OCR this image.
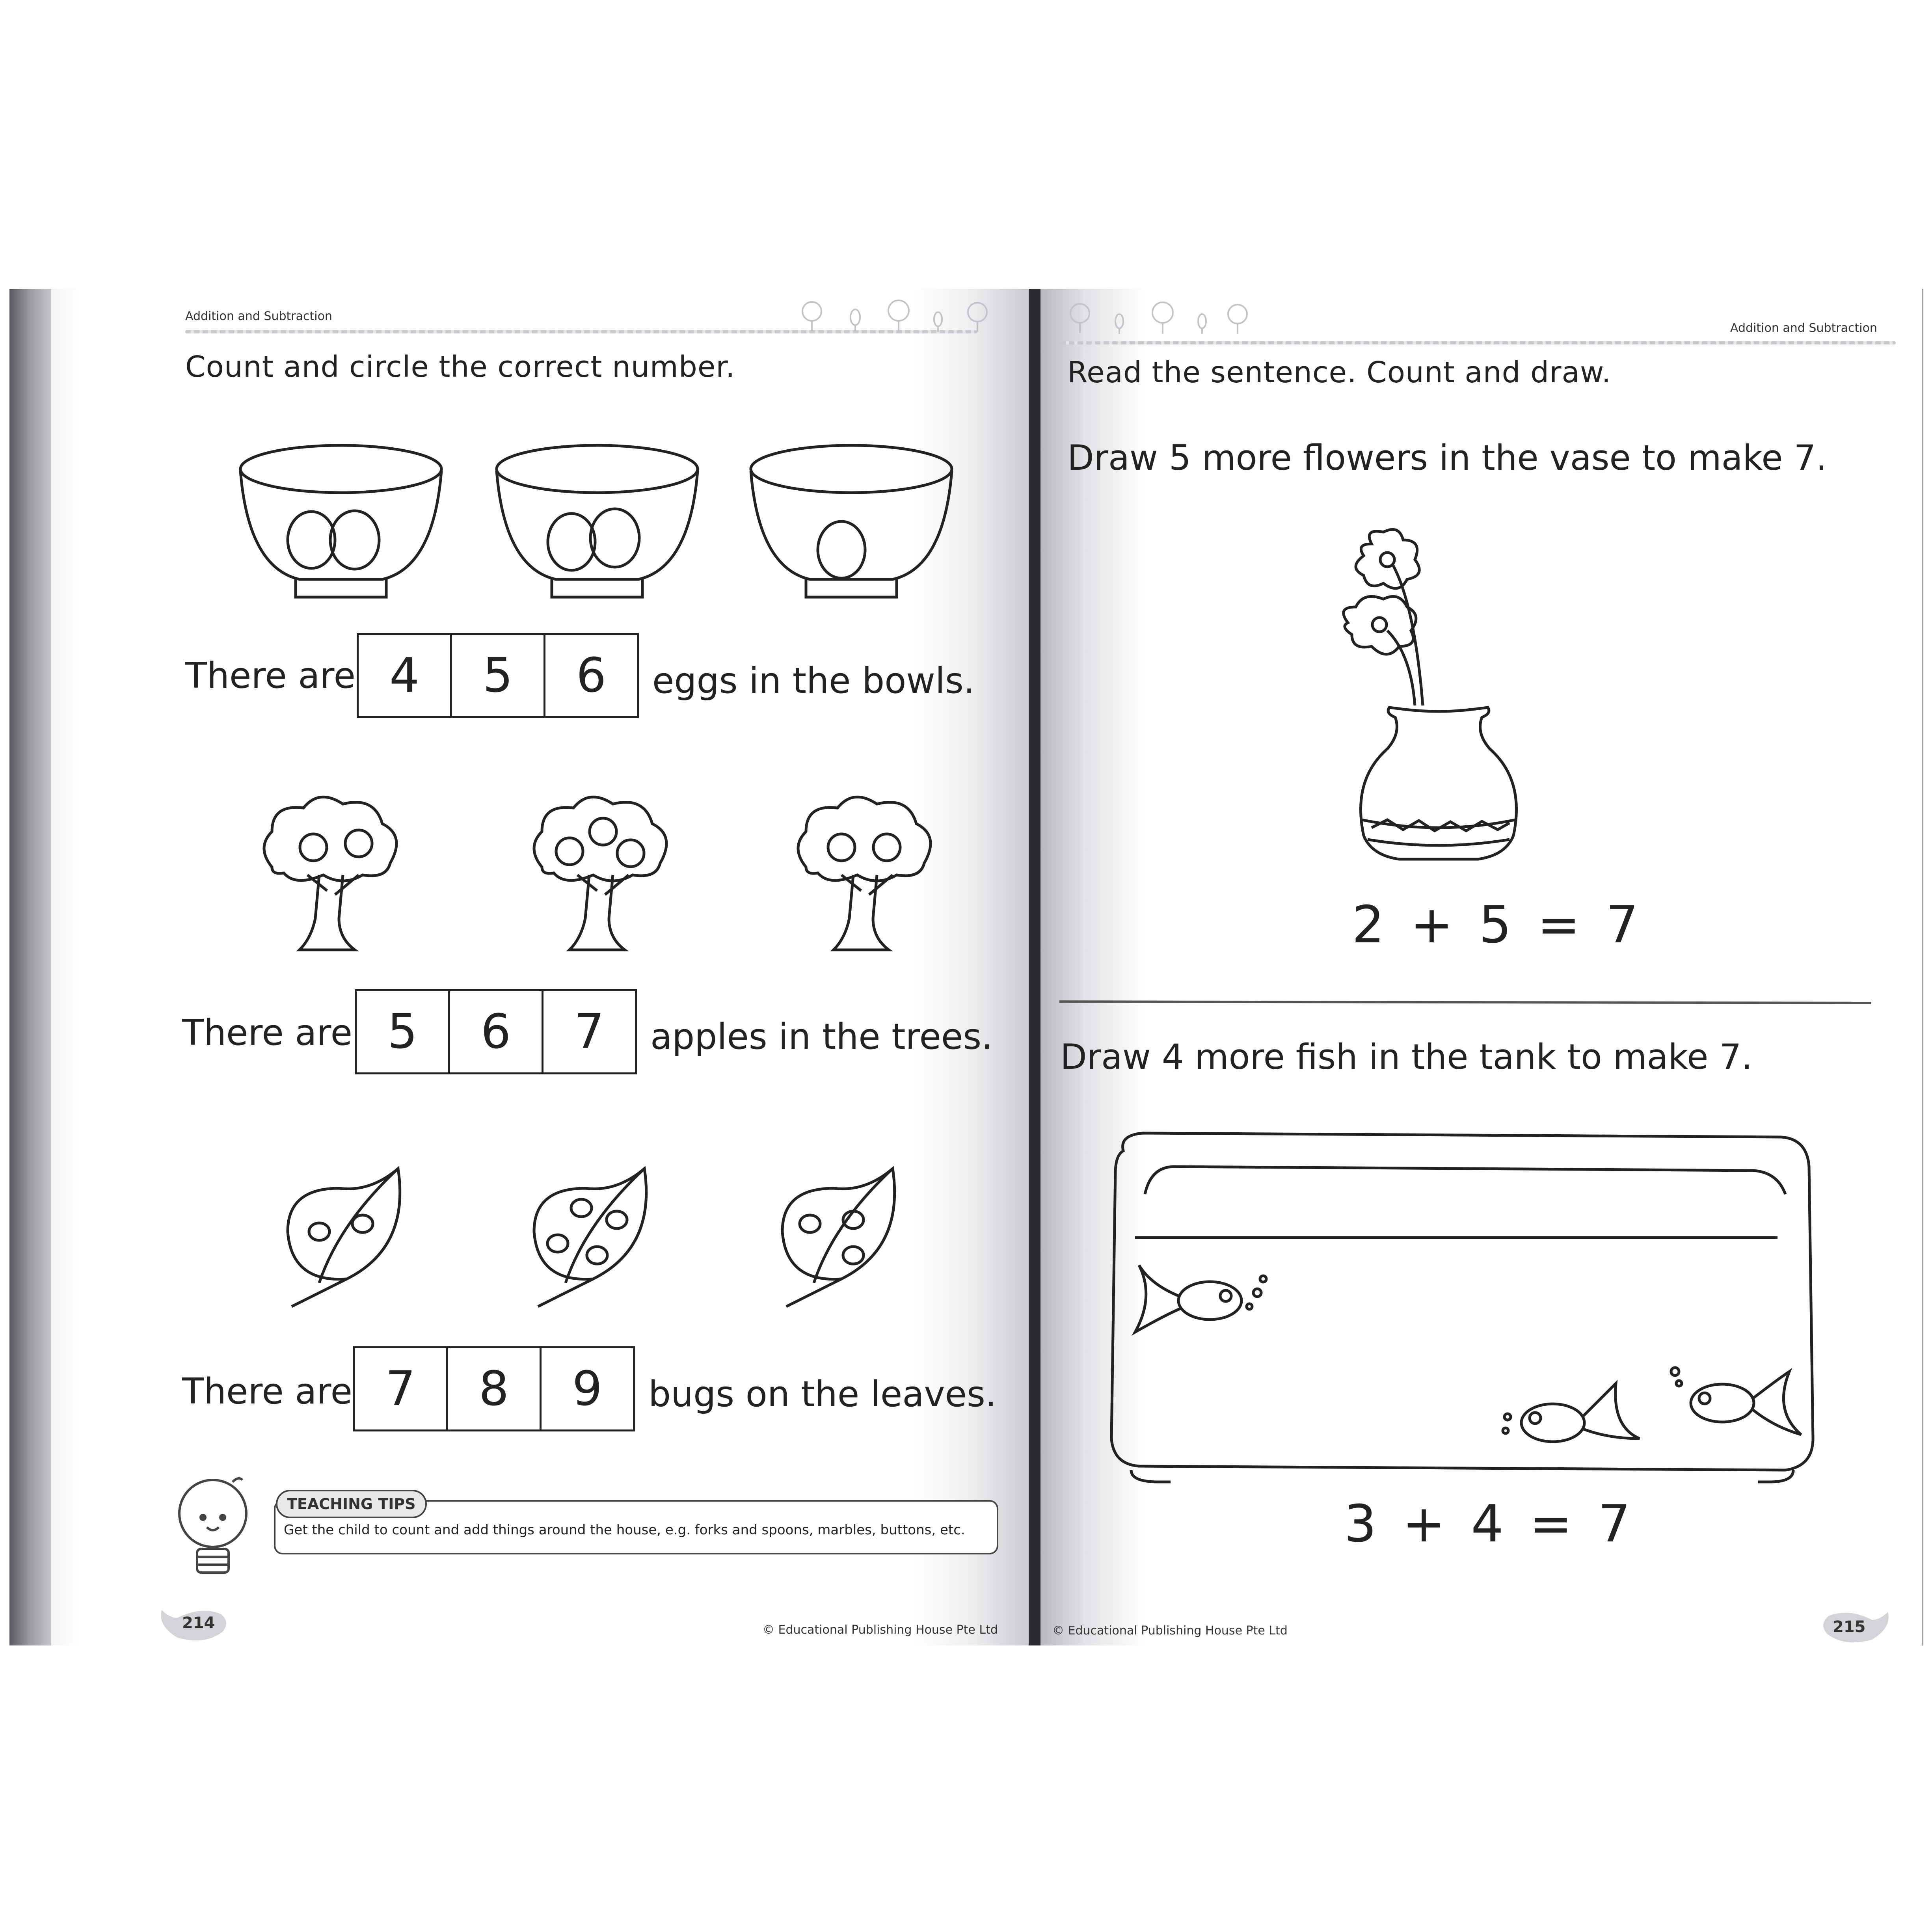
Addition and Subtraction
Count and circle the correct number.
There are 4	5	6	eggs in the bowls.
There are 5	6	7	apples in the trees.
There are 7	8	9	bugs on the leaves.
TEACHING TIPS
Get the child to count and add things around the house, e.g. forks and spoons, marbles, buttons, etc.
214	© Educational Publishing House Pte Ltd
Addition and Subtraction
Read the sentence. Count and draw.
Draw 5 more flowers in the vase to make 7.
2 + 5 = 7
Draw 4 more fish in the tank to make 7.
3 + 4 = 7
© Educational Publishing House Pte Ltd	215
